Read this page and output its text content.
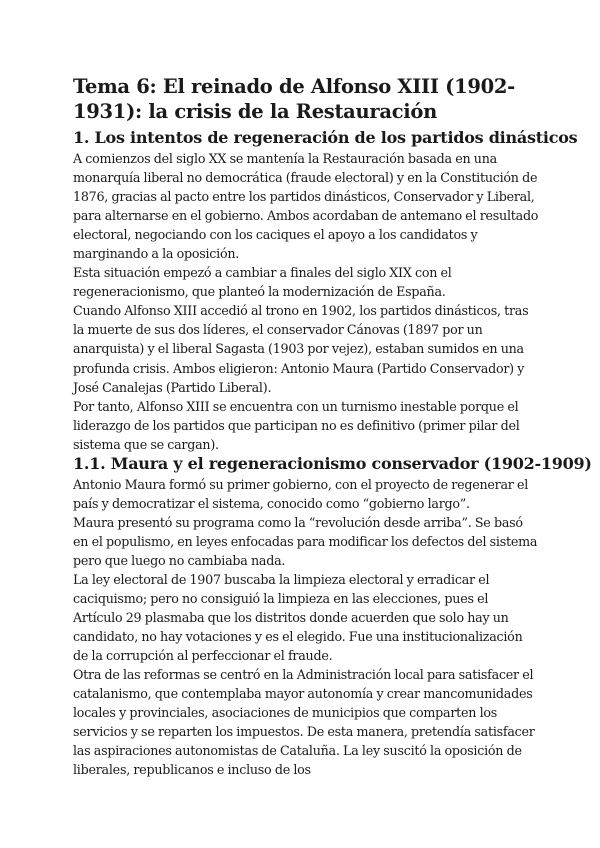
Tema 6: El reinado de Alfonso XIII (1902-1931): la crisis de la Restauración
1. Los intentos de regeneración de los partidos dinásticos

A comienzos del siglo XX se mantenía la Restauración basada en una monarquía liberal no democrática (fraude electoral) y en la Constitución de 1876, gracias al pacto entre los partidos dinásticos, Conservador y Liberal, para alternarse en el gobierno. Ambos acordaban de antemano el resultado electoral, negociando con los caciques el apoyo a los candidatos y marginando a la oposición.

Esta situación empezó a cambiar a finales del siglo XIX con el regeneracionismo, que planteó la modernización de España.

Cuando Alfonso XIII accedió al trono en 1902, los partidos dinásticos, tras la muerte de sus dos líderes, el conservador Cánovas (1897 por un anarquista) y el liberal Sagasta (1903 por vejez), estaban sumidos en una profunda crisis. Ambos eligieron: Antonio Maura (Partido Conservador) y José Canalejas (Partido Liberal).

Por tanto, Alfonso XIII se encuentra con un turnismo inestable porque el liderazgo de los partidos que participan no es definitivo (primer pilar del sistema que se cargan).

1.1. Maura y el regeneracionismo conservador (1902-1909)

Antonio Maura formó su primer gobierno, con el proyecto de regenerar el país y democratizar el sistema, conocido como “gobierno largo”.

Maura presentó su programa como la “revolución desde arriba”. Se basó en el populismo, en leyes enfocadas para modificar los defectos del sistema pero que luego no cambiaba nada.

La ley electoral de 1907 buscaba la limpieza electoral y erradicar el caciquismo; pero no consiguió la limpieza en las elecciones, pues el Artículo 29 plasmaba que los distritos donde acuerden que solo hay un candidato, no hay votaciones y es el elegido. Fue una institucionalización de la corrupción al perfeccionar el fraude.

Otra de las reformas se centró en la Administración local para satisfacer el catalanismo, que contemplaba mayor autonomía y crear mancomunidades locales y provinciales, asociaciones de municipios que comparten los servicios y se reparten los impuestos. De esta manera, pretendía satisfacer las aspiraciones autonomistas de Cataluña. La ley suscitó la oposición de liberales, republicanos e incluso de los
